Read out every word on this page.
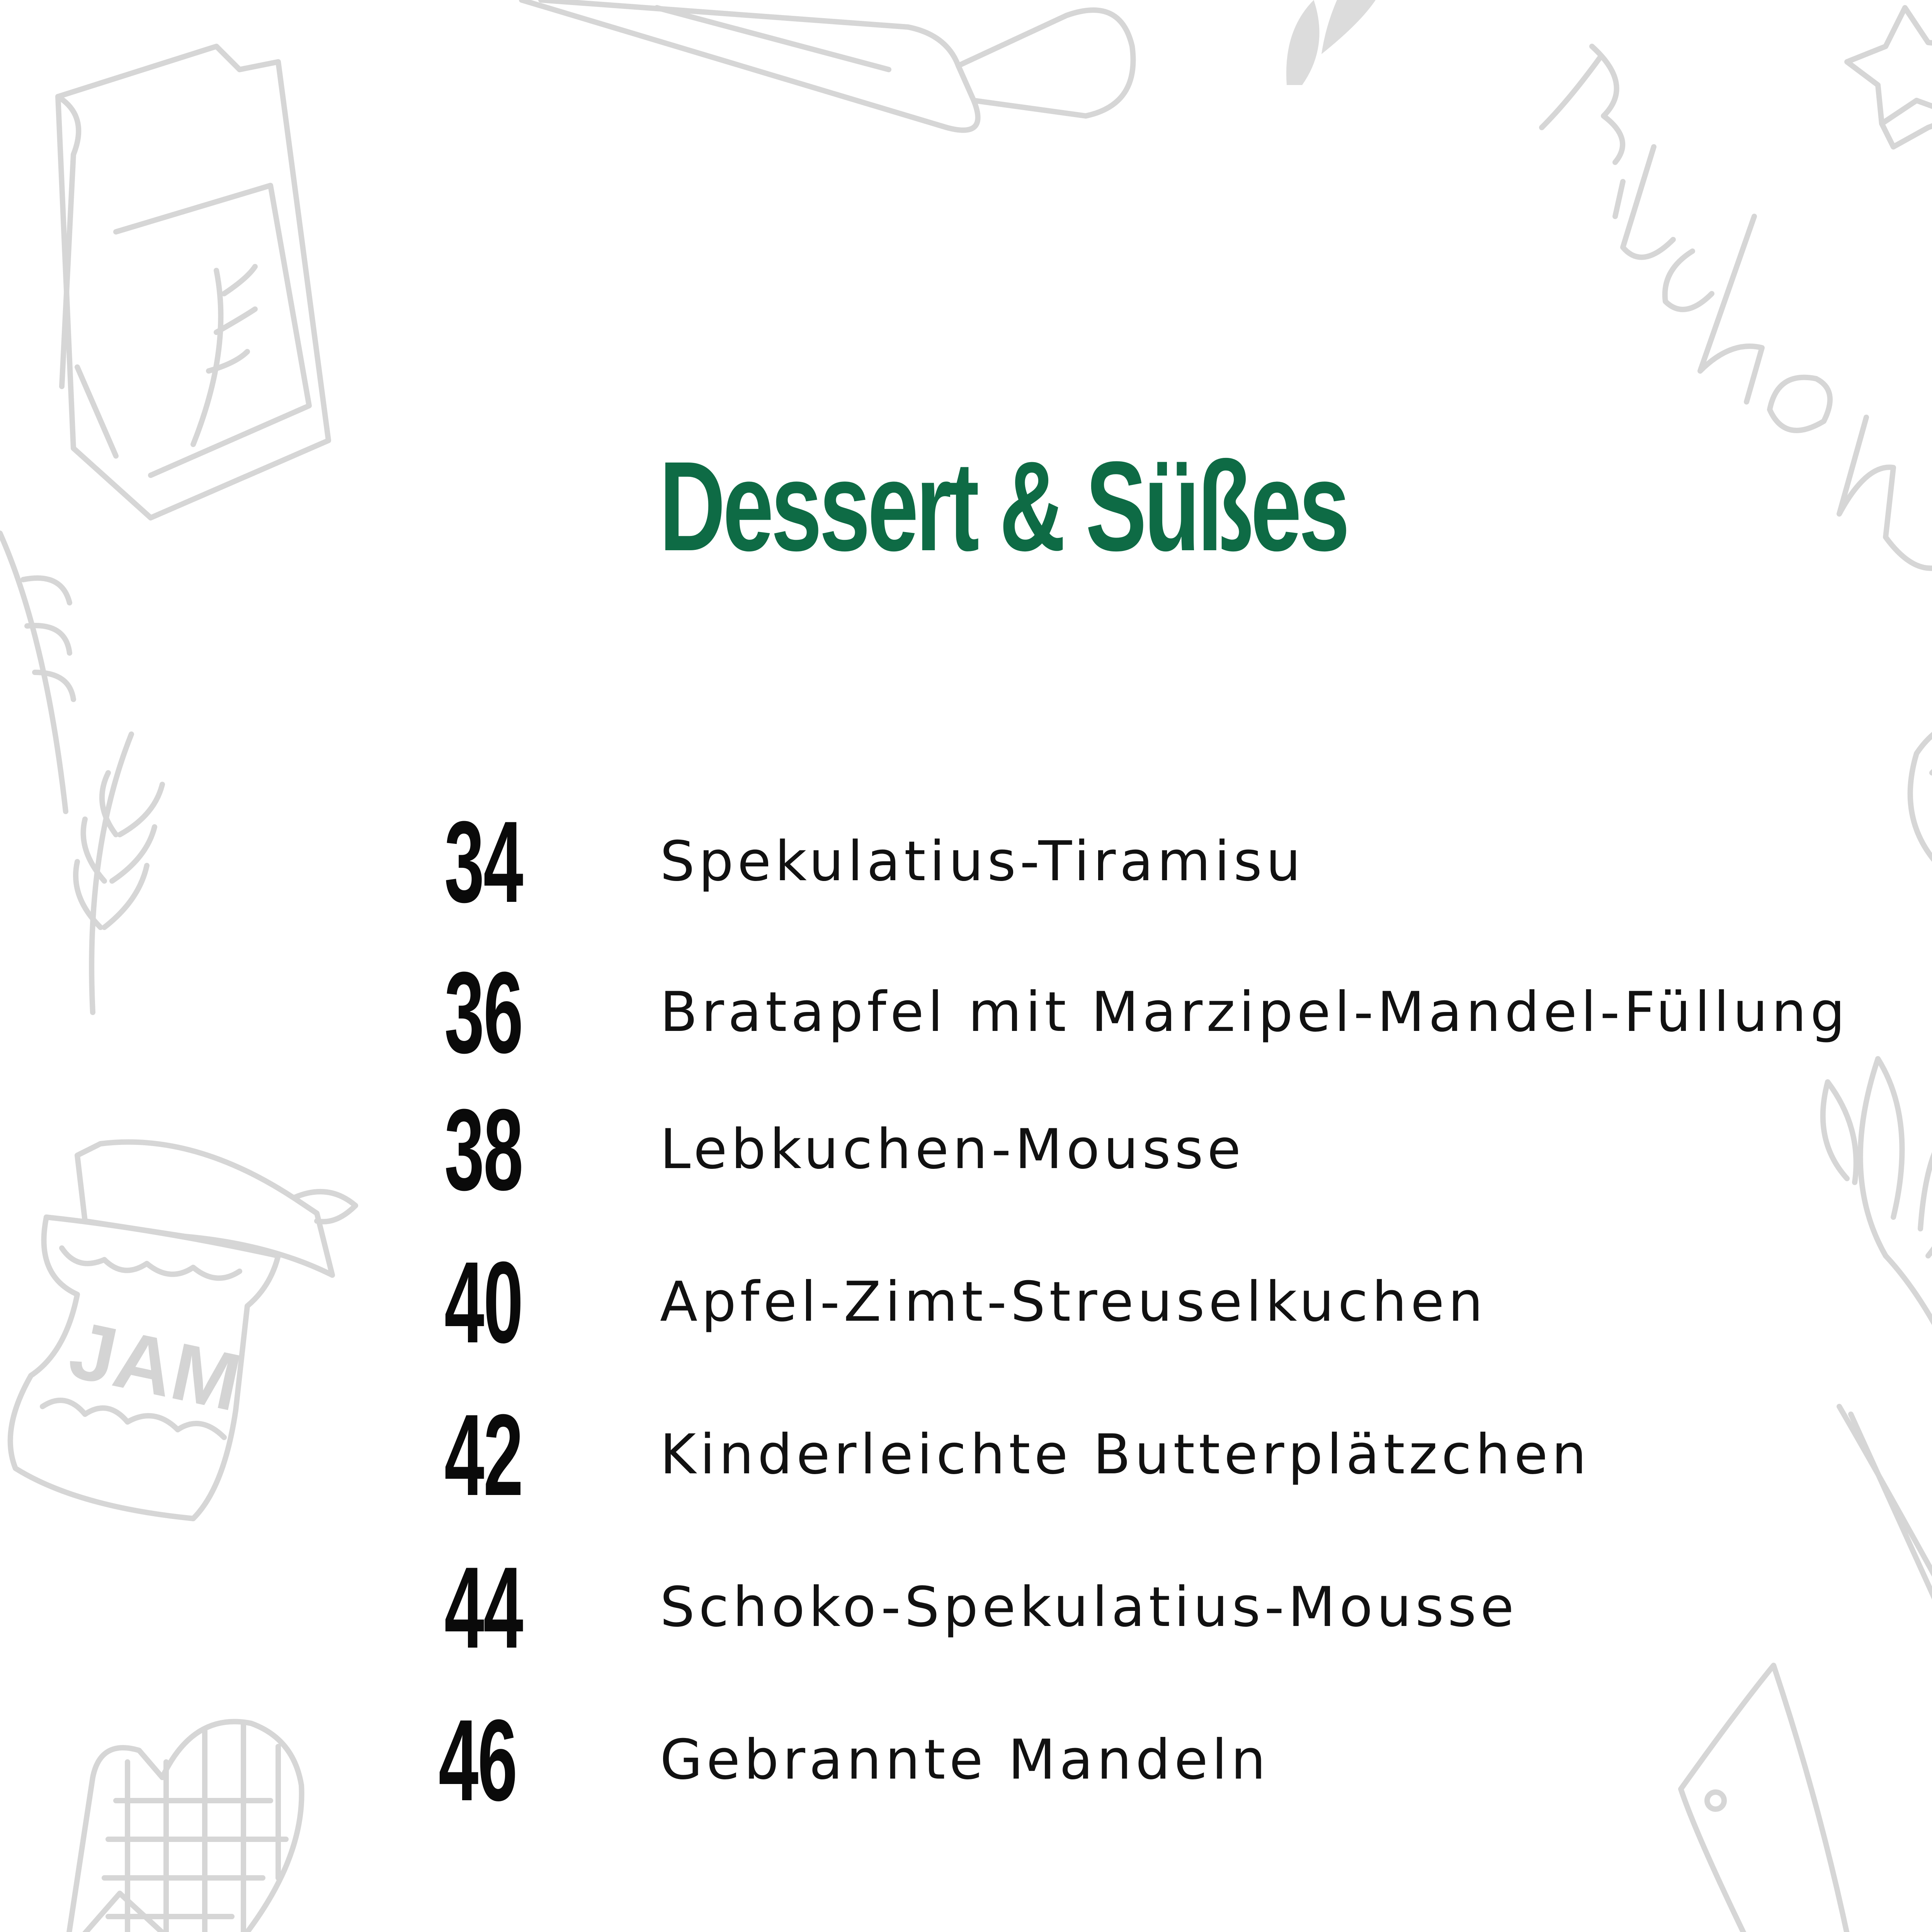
JAM
Dessert & Süßes
34	Spekulatius-Tiramisu
36	Bratapfel mit Marzipel-Mandel-Füllung
38	Lebkuchen-Mousse
40	Apfel-Zimt-Streuselkuchen
42	Kinderleichte Butterplätzchen
44	Schoko-Spekulatius-Mousse
46	Gebrannte Mandeln
